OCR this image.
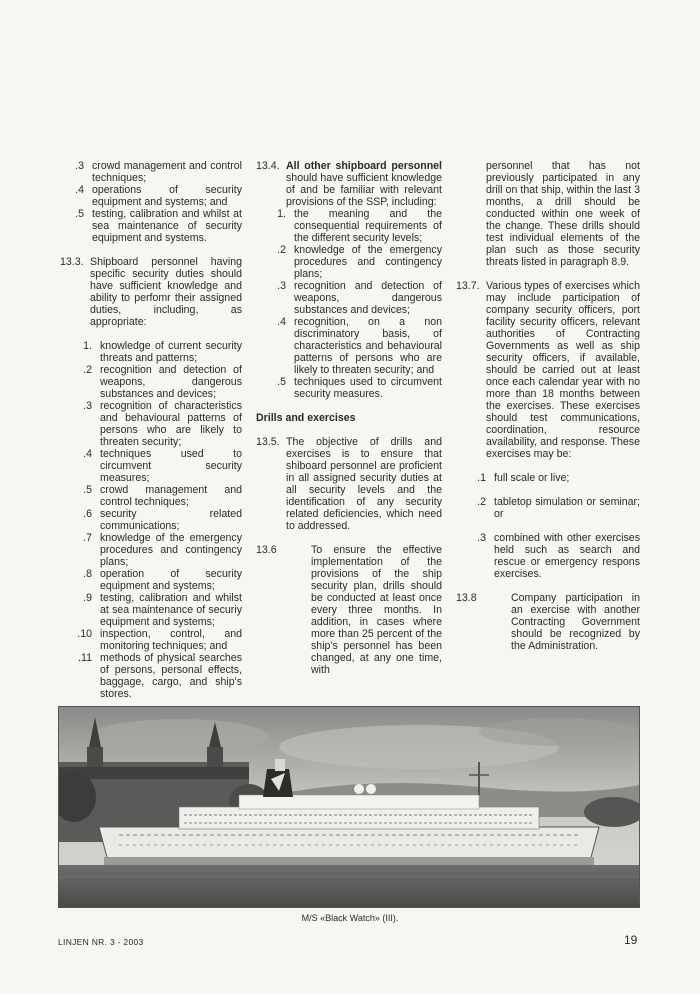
.3 crowd management and control techniques;
.4 operations of security equipment and systems; and
.5 testing, calibration and whilst at sea maintenance of security equipment and systems.
13.3. Shipboard personnel having specific security duties should have sufficient knowledge and ability to perfomr their assigned duties, including, as appropriate:
1. knowledge of current security threats and patterns;
.2 recognition and detection of weapons, dangerous substances and devices;
.3 recognition of characteristics and behavioural patterns of persons who are likely to threaten security;
.4 techniques used to circumvent security measures;
.5 crowd management and control techniques;
.6 security related communications;
.7 knowledge of the emergency procedures and contingency plans;
.8 operation of security equipment and systems;
.9 testing, calibration and whilst at sea maintenance of securiy equipment and systems;
.10 inspection, control, and monitoring techniques; and
.11 methods of physical searches of persons, personal effects, baggage, cargo, and ship's stores.
13.4. All other shipboard personnel should have sufficient knowledge of and be familiar with relevant provisions of the SSP, including:
1. the meaning and the consequential requirements of the different security levels;
.2 knowledge of the emergency procedures and contingency plans;
.3 recognition and detection of weapons, dangerous substances and devices;
.4 recognition, on a non discriminatory basis, of characteristics and behavioural patterns of persons who are likely to threaten security; and
.5 techniques used to circumvent security measures.
Drills and exercises
13.5. The objective of drills and exercises is to ensure that shiboard personnel are proficient in all assigned security duties at all security levels and the identification of any security related deficiencies, which need to addressed.
13.6	To ensure the effective implementation of the provisions of the ship security plan, drills should be conducted at least once every three months. In addition, in cases where more than 25 percent of the ship's personnel has been changed, at any one time, with
personnel that has not previously participated in any drill on that ship, within the last 3 months, a drill should be conducted within one week of the change. These drills should test individual elements of the plan such as those security threats listed in paragraph 8.9.
13.7. Various types of exercises which may include participation of company security officers, port facility security officers, relevant authorities of Contracting Governments as well as ship security officers, if available, should be carried out at least once each calendar year with no more than 18 months between the exercises. These exercises should test communications, coordination, resource availability, and response. These exercises may be:
.1 full scale or live;
.2 tabletop simulation or seminar; or
.3 combined with other exercises held such as search and rescue or emergency respons exercises.
13.8	Company participation in an exercise with another Contracting Government should be recognized by the Administration.
M/S «Black Watch» (III).
LINJEN NR. 3 - 2003	19
